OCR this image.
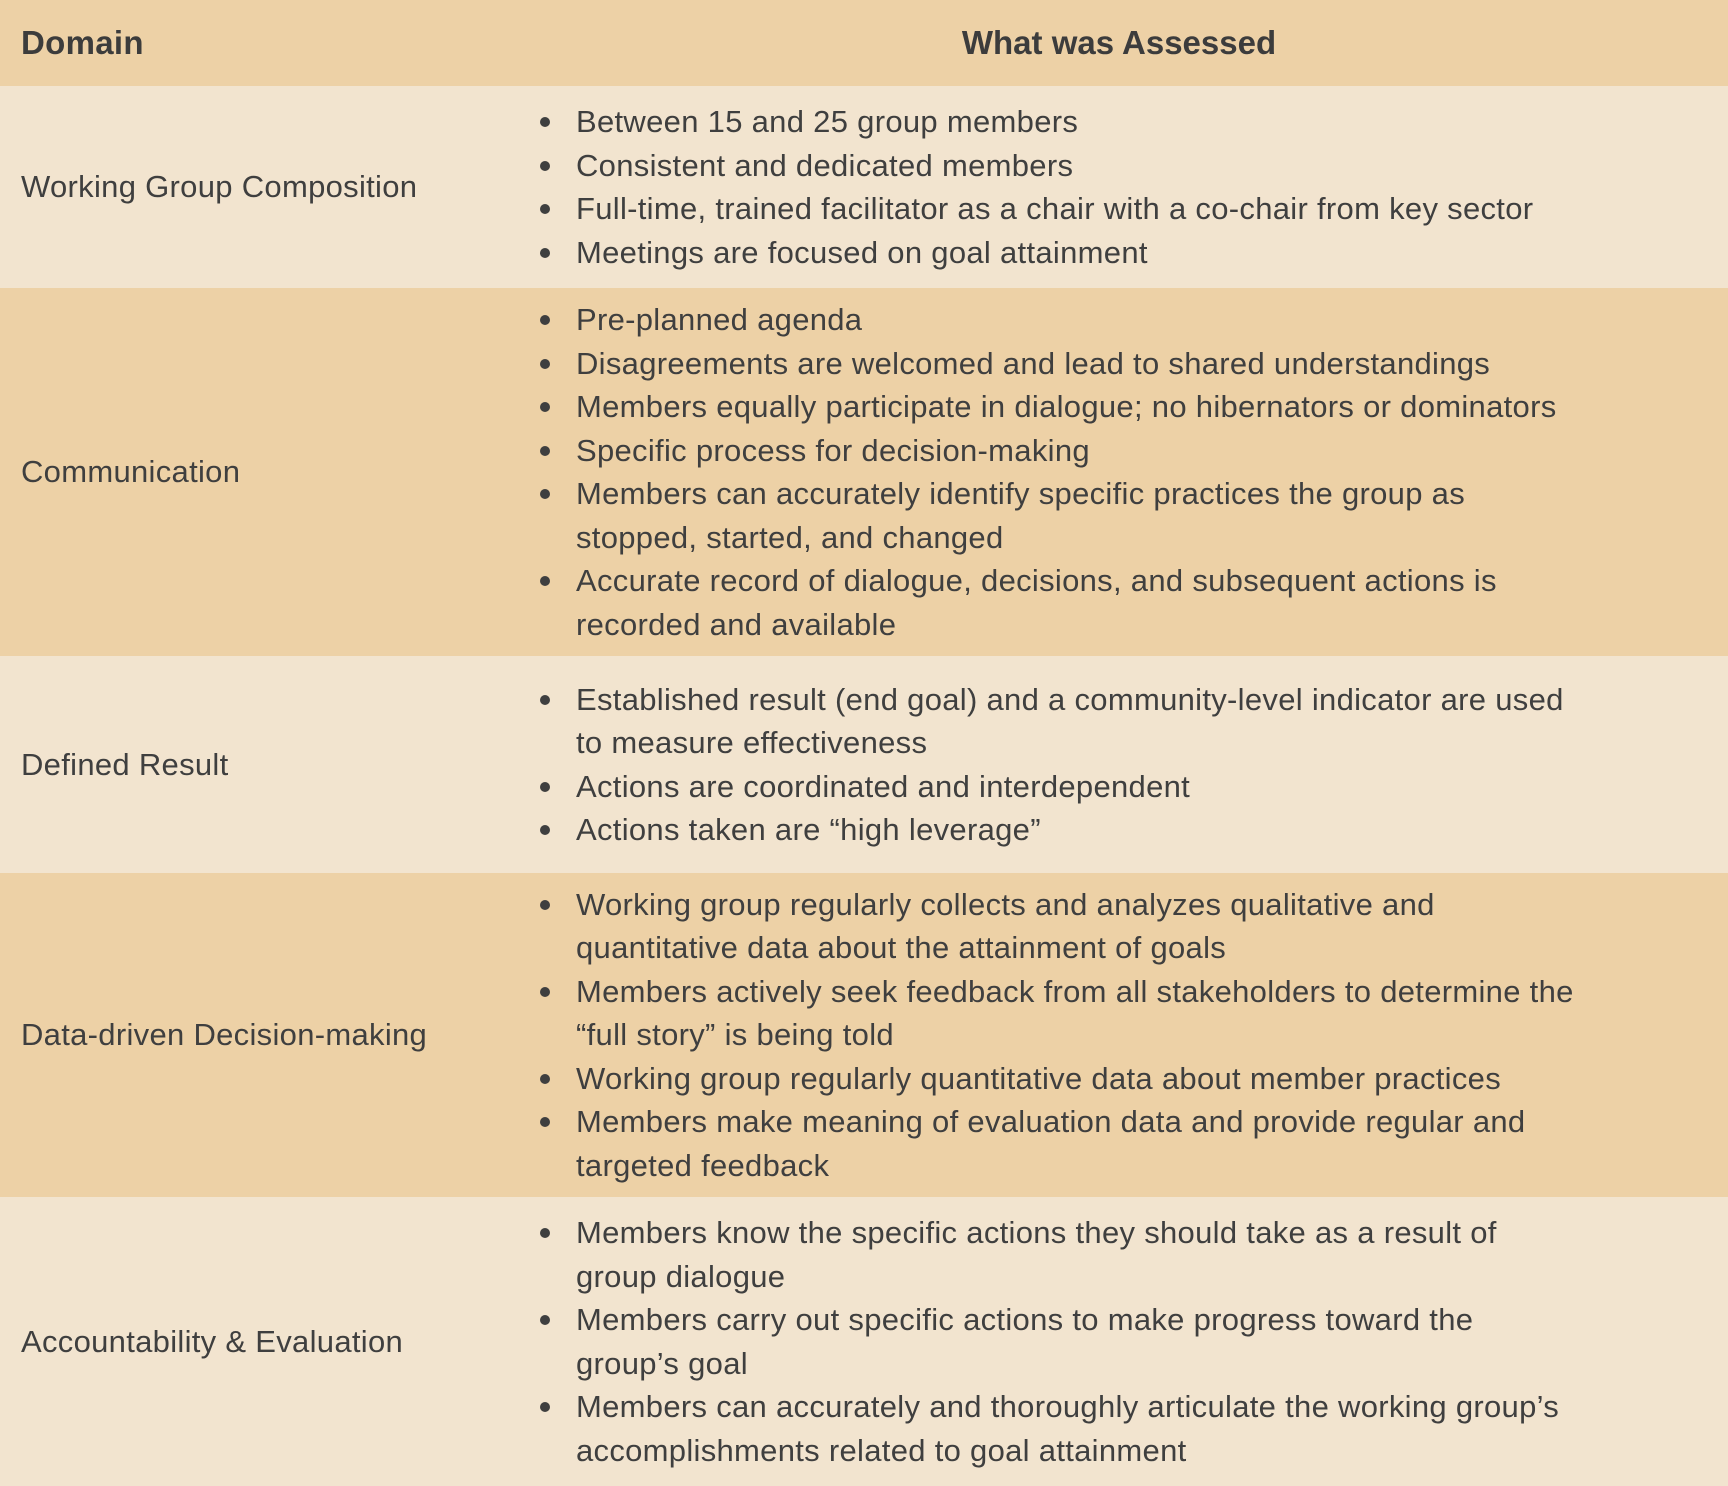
Domain	What was Assessed
Working Group Composition
Between 15 and 25 group members
Consistent and dedicated members
Full-time, trained facilitator as a chair with a co-chair from key sector
Meetings are focused on goal attainment
Communication
Pre-planned agenda
Disagreements are welcomed and lead to shared understandings
Members equally participate in dialogue; no hibernators or dominators
Specific process for decision-making
Members can accurately identify specific practices the group as
stopped, started, and changed
Accurate record of dialogue, decisions, and subsequent actions is
recorded and available
Defined Result
Established result (end goal) and a community-level indicator are used
to measure effectiveness
Actions are coordinated and interdependent
Actions taken are “high leverage”
Data-driven Decision-making
Working group regularly collects and analyzes qualitative and
quantitative data about the attainment of goals
Members actively seek feedback from all stakeholders to determine the
“full story” is being told
Working group regularly quantitative data about member practices
Members make meaning of evaluation data and provide regular and
targeted feedback
Accountability & Evaluation
Members know the specific actions they should take as a result of
group dialogue
Members carry out specific actions to make progress toward the
group’s goal
Members can accurately and thoroughly articulate the working group’s
accomplishments related to goal attainment
